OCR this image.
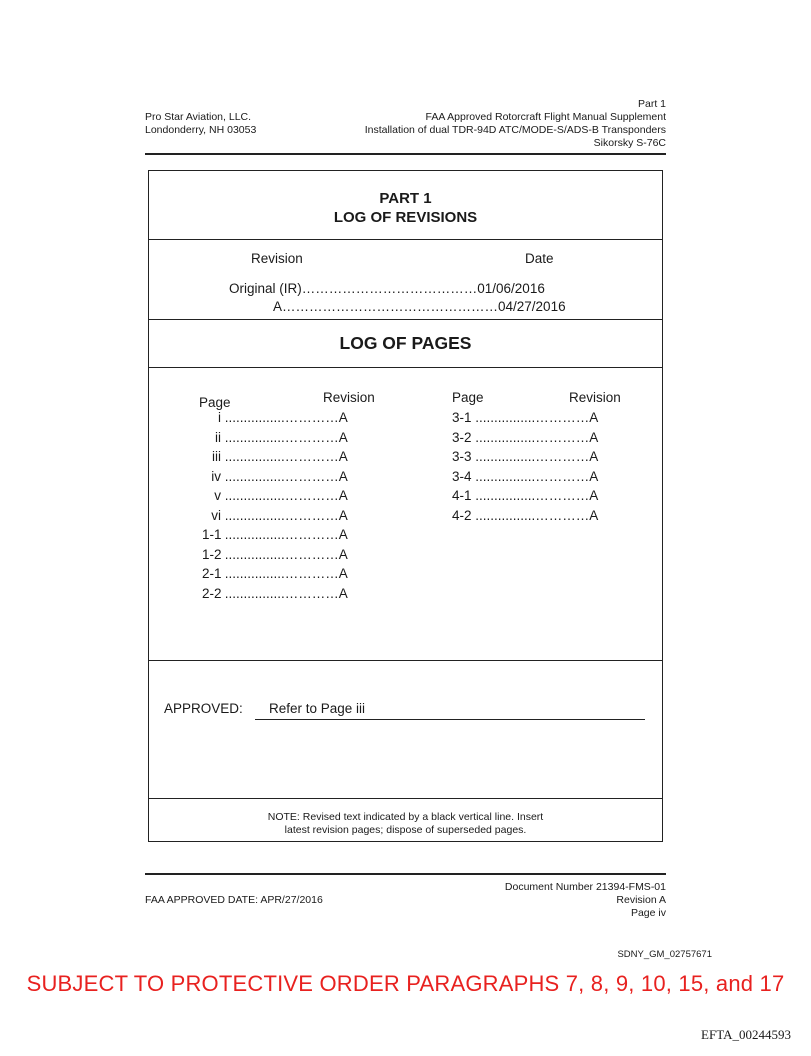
Pro Star Aviation, LLC.
Londonderry, NH 03053
Part 1
FAA Approved Rotorcraft Flight Manual Supplement
Installation of dual TDR-94D ATC/MODE-S/ADS-B Transponders
Sikorsky S-76C
PART 1
LOG OF REVISIONS
Revision	Date
Original (IR)…………………………………01/06/2016
A…………………………………………04/27/2016
LOG OF PAGES
Page	Revision	Page	Revision
i ................…………A
ii ................…………A
iii ................…………A
iv ................…………A
v ................…………A
vi ................…………A
1-1 ................…………A
1-2 ................…………A
2-1 ................…………A
2-2 ................…………A
3-1 ................…………A
3-2 ................…………A
3-3 ................…………A
3-4 ................…………A
4-1 ................…………A
4-2 ................…………A
APPROVED: Refer to Page iii
NOTE: Revised text indicated by a black vertical line. Insert
latest revision pages; dispose of superseded pages.
FAA APPROVED DATE: APR/27/2016
Document Number 21394-FMS-01
Revision A
Page iv
SDNY_GM_02757671
SUBJECT TO PROTECTIVE ORDER PARAGRAPHS 7, 8, 9, 10, 15, and 17
EFTA_00244593
